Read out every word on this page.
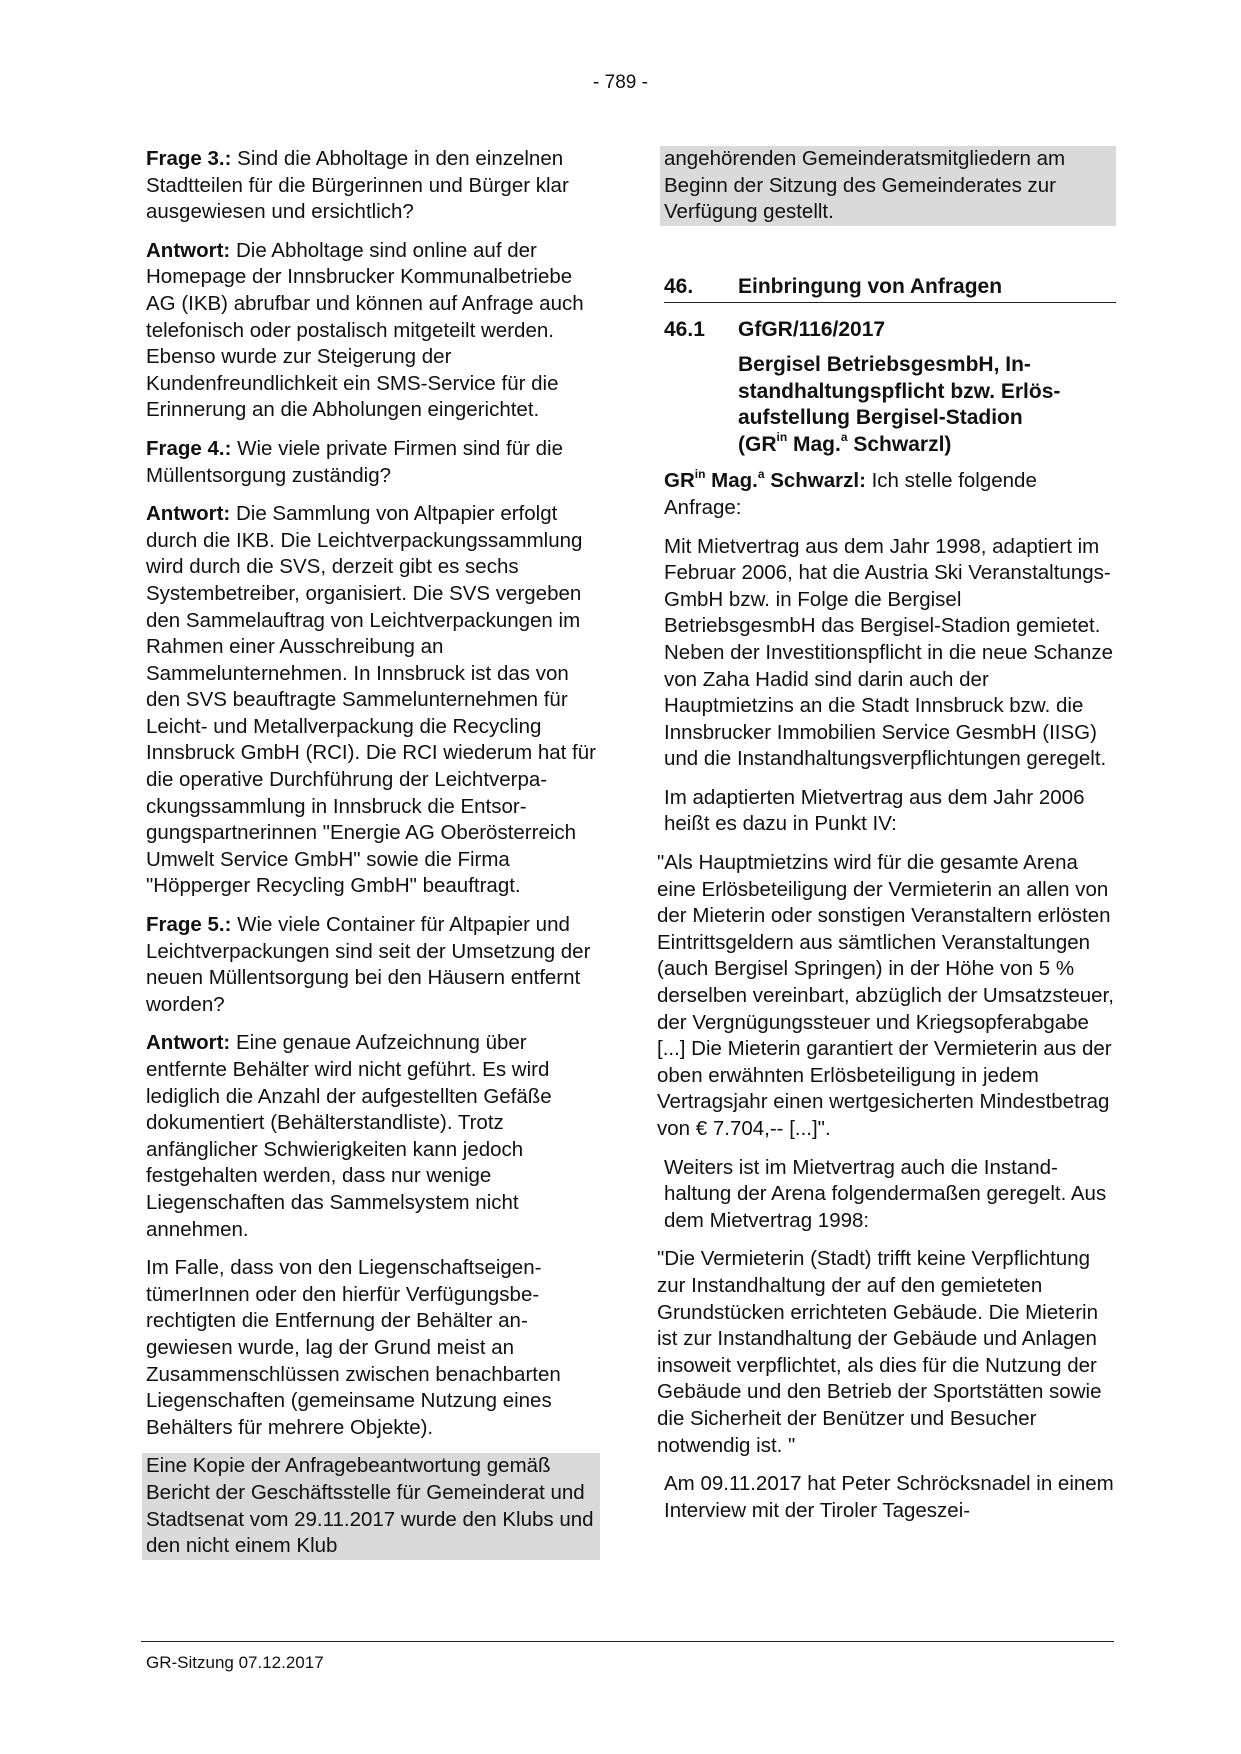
- 789 -

Frage 3.: Sind die Abholtage in den einzelnen Stadtteilen für die Bürgerinnen und Bürger klar ausgewiesen und ersichtlich?

Antwort: Die Abholtage sind online auf der Homepage der Innsbrucker Kommunalbetriebe AG (IKB) abrufbar und können auf Anfrage auch telefonisch oder postalisch mitgeteilt werden. Ebenso wurde zur Steigerung der Kundenfreundlichkeit ein SMS-Service für die Erinnerung an die Abholungen eingerichtet.

Frage 4.: Wie viele private Firmen sind für die Müllentsorgung zuständig?

Antwort: Die Sammlung von Altpapier erfolgt durch die IKB. Die Leichtverpackungssammlung wird durch die SVS, derzeit gibt es sechs Systembetreiber, organisiert. Die SVS vergeben den Sammelauftrag von Leichtverpackungen im Rahmen einer Ausschreibung an Sammelunternehmen. In Innsbruck ist das von den SVS beauftragte Sammelunternehmen für Leicht- und Metallverpackung die Recycling Innsbruck GmbH (RCI). Die RCI wiederum hat für die operative Durchführung der Leichtverpackungssammlung in Innsbruck die Entsorgungspartnerinnen "Energie AG Oberösterreich Umwelt Service GmbH" sowie die Firma "Höpperger Recycling GmbH" beauftragt.

Frage 5.: Wie viele Container für Altpapier und Leichtverpackungen sind seit der Umsetzung der neuen Müllentsorgung bei den Häusern entfernt worden?

Antwort: Eine genaue Aufzeichnung über entfernte Behälter wird nicht geführt. Es wird lediglich die Anzahl der aufgestellten Gefäße dokumentiert (Behälterstandliste). Trotz anfänglicher Schwierigkeiten kann jedoch festgehalten werden, dass nur wenige Liegenschaften das Sammelsystem nicht annehmen.

Im Falle, dass von den LiegenschaftseigentümerInnen oder den hierfür Verfügungsberechtigten die Entfernung der Behälter angewiesen wurde, lag der Grund meist an Zusammenschlüssen zwischen benachbarten Liegenschaften (gemeinsame Nutzung eines Behälters für mehrere Objekte).

Eine Kopie der Anfragebeantwortung gemäß Bericht der Geschäftsstelle für Gemeinderat und Stadtsenat vom 29.11.2017 wurde den Klubs und den nicht einem Klub

angehörenden Gemeinderatsmitgliedern am Beginn der Sitzung des Gemeinderates zur Verfügung gestellt.

46.	Einbringung von Anfragen
46.1	GfGR/116/2017
Bergisel BetriebsgesmbH, Instandhaltungspflicht bzw. Erlösaufstellung Bergisel-Stadion
($GR^{in}$ Mag.$^a$ Schwarzl)

$GR^{in}$ Mag.$^a$ Schwarzl: Ich stelle folgende Anfrage:

Mit Mietvertrag aus dem Jahr 1998, adaptiert im Februar 2006, hat die Austria Ski Veranstaltungs-GmbH bzw. in Folge die Bergisel BetriebsgesmbH das Bergisel-Stadion gemietet. Neben der Investitionspflicht in die neue Schanze von Zaha Hadid sind darin auch der Hauptmietzins an die Stadt Innsbruck bzw. die Innsbrucker Immobilien Service GesmbH (IISG) und die Instandhaltungsverpflichtungen geregelt.

Im adaptierten Mietvertrag aus dem Jahr 2006 heißt es dazu in Punkt IV:

"Als Hauptmietzins wird für die gesamte Arena eine Erlösbeteiligung der Vermieterin an allen von der Mieterin oder sonstigen Veranstaltern erlösten Eintrittsgeldern aus sämtlichen Veranstaltungen (auch Bergisel Springen) in der Höhe von 5 % derselben vereinbart, abzüglich der Umsatzsteuer, der Vergnügungssteuer und Kriegsopferabgabe [...] Die Mieterin garantiert der Vermieterin aus der oben erwähnten Erlösbeteiligung in jedem Vertragsjahr einen wertgesicherten Mindestbetrag von € 7.704,-- [...]".

Weiters ist im Mietvertrag auch die Instandhaltung der Arena folgendermaßen geregelt. Aus dem Mietvertrag 1998:

"Die Vermieterin (Stadt) trifft keine Verpflichtung zur Instandhaltung der auf den gemieteten Grundstücken errichteten Gebäude. Die Mieterin ist zur Instandhaltung der Gebäude und Anlagen insoweit verpflichtet, als dies für die Nutzung der Gebäude und den Betrieb der Sportstätten sowie die Sicherheit der Benützer und Besucher notwendig ist. "

Am 09.11.2017 hat Peter Schröcksnadel in einem Interview mit der Tiroler Tageszei-

GR-Sitzung 07.12.2017
